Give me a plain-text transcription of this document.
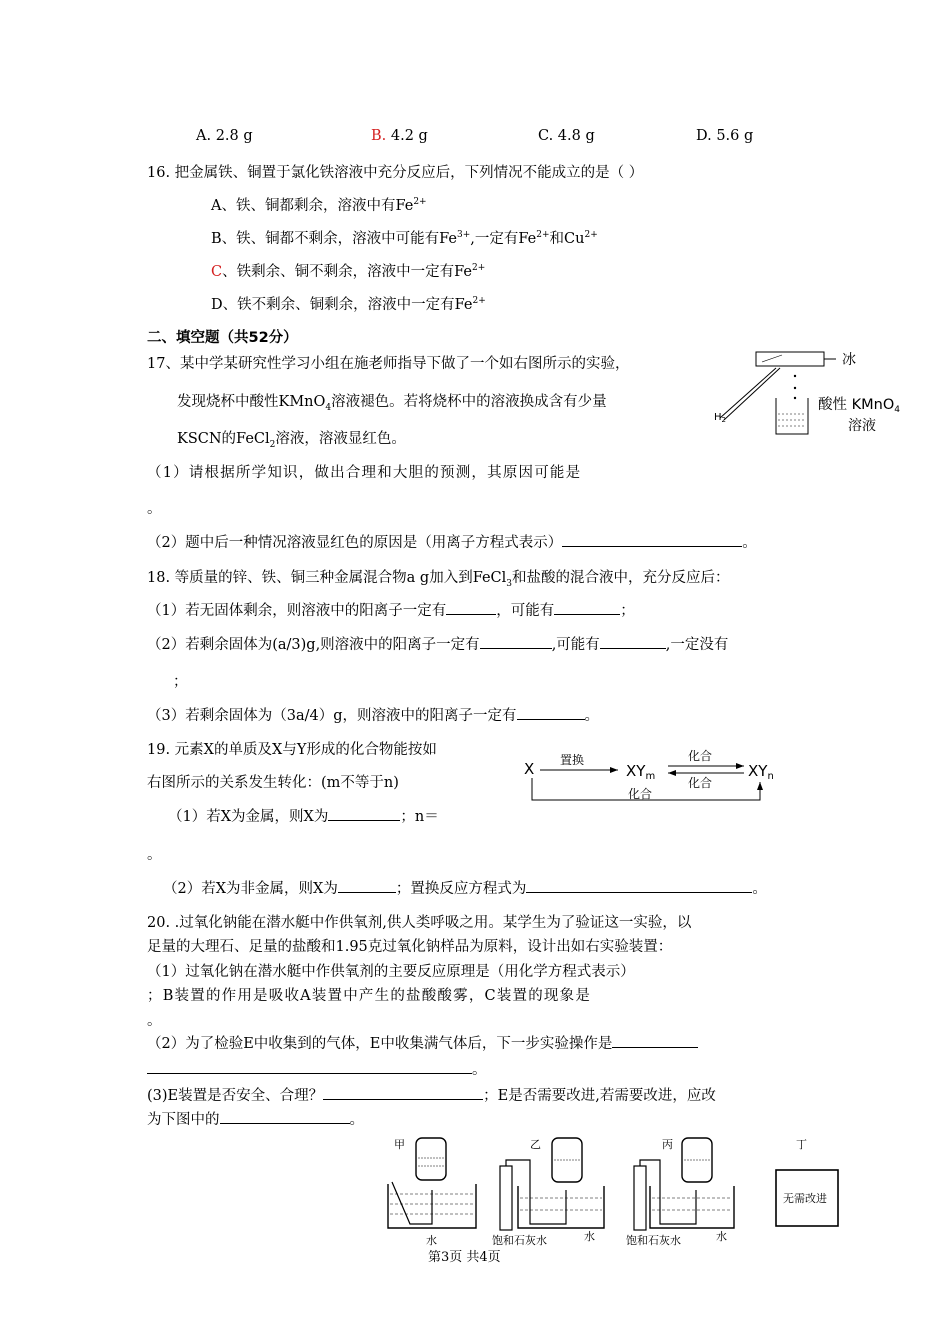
A. 2.8 g	B. 4.2 g	C. 4.8 g	D. 5.6 g
16. 把金属铁、铜置于氯化铁溶液中充分反应后，下列情况不能成立的是（ ）
A、铁、铜都剩余，溶液中有$Fe^{2+}$
B、铁、铜都不剩余，溶液中可能有$Fe^{3+}$,一定有$Fe^{2+}$和$Cu^{2+}$
C、铁剩余、铜不剩余，溶液中一定有$Fe^{2+}$
D、铁不剩余、铜剩余，溶液中一定有$Fe^{2+}$
二、填空题（共52分）
17、某中学某研究性学习小组在施老师指导下做了一个如右图所示的实验，
发现烧杯中酸性KMnO$_4$溶液褪色。若将烧杯中的溶液换成含有少量
KSCN的FeCl$_2$溶液，溶液显红色。
（1）请根据所学知识，做出合理和大胆的预测，其原因可能是
。
（2）题中后一种情况溶液显红色的原因是（用离子方程式表示）	。
冰
酸性 KMnO$_4$
溶液
$H_2$
18. 等质量的锌、铁、铜三种金属混合物a g加入到FeCl$_3$和盐酸的混合液中，充分反应后：
（1）若无固体剩余，则溶液中的阳离子一定有	，可能有	；
（2）若剩余固体为(a/3)g,则溶液中的阳离子一定有	,可能有	,一定没有
；
（3）若剩余固体为（3a/4）g，则溶液中的阳离子一定有	。
19. 元素X的单质及X与Y形成的化合物能按如
右图所示的关系发生转化：(m不等于n)
（1）若X为金属，则X为	；n＝
。
（2）若X为非金属，则X为	；置换反应方程式为	。
X 置换
$XY_m$
化合
化合
$XY_n$
化合
20. .过氧化钠能在潜水艇中作供氧剂,供人类呼吸之用。某学生为了验证这一实验，以
足量的大理石、足量的盐酸和1.95克过氧化钠样品为原料，设计出如右实验装置：
（1）过氧化钠在潜水艇中作供氧剂的主要反应原理是（用化学方程式表示）
；B装置的作用是吸收A装置中产生的盐酸酸雾，C装置的现象是
。
（2）为了检验E中收集到的气体，E中收集满气体后，下一步实验操作是
。
(3)E装置是否安全、合理？	；E是否需要改进,若需要改进，应改
为下图中的	。
甲
水
乙
饱和石灰水	水
丙
饱和石灰水	水
丁
无需改进
第3页 共4页
